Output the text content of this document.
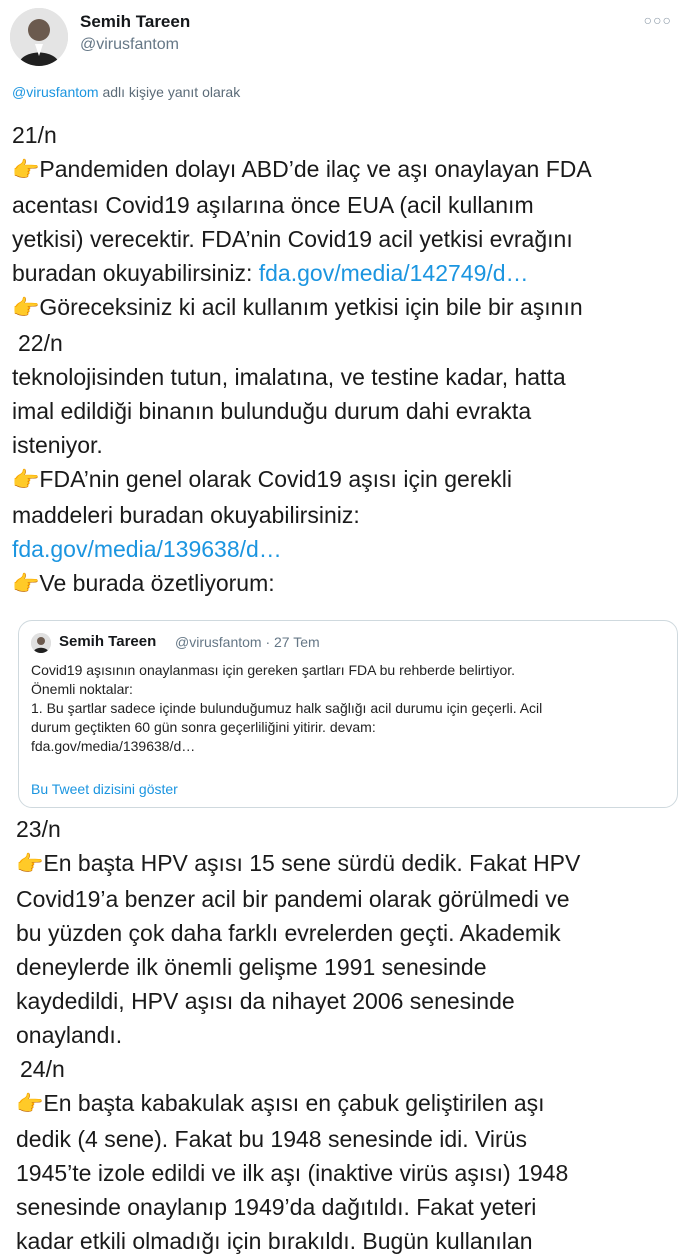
Semih Tareen
@virusfantom
○○○
@virusfantom adlı kişiye yanıt olarak

21/n

👉Pandemiden dolayı ABD’de ilaç ve aşı onaylayan FDA

acentası Covid19 aşılarına önce EUA (acil kullanım

yetkisi) verecektir. FDA’nin Covid19 acil yetkisi evrağını

buradan okuyabilirsiniz: fda.gov/media/142749/d…

👉Göreceksiniz ki acil kullanım yetkisi için bile bir aşının

22/n

teknolojisinden tutun, imalatına, ve testine kadar, hatta

imal edildiği binanın bulunduğu durum dahi evrakta

isteniyor.

👉FDA’nin genel olarak Covid19 aşısı için gerekli

maddeleri buradan okuyabilirsiniz:

fda.gov/media/139638/d…

👉Ve burada özetliyorum:

Semih Tareen @virusfantom · 27 Tem

Covid19 aşısının onaylanması için gereken şartları FDA bu rehberde belirtiyor.

Önemli noktalar:

1. Bu şartlar sadece içinde bulunduğumuz halk sağlığı acil durumu için geçerli. Acil

durum geçtikten 60 gün sonra geçerliliğini yitirir. devam:

fda.gov/media/139638/d…

Bu Tweet dizisini göster

23/n

👉En başta HPV aşısı 15 sene sürdü dedik. Fakat HPV

Covid19’a benzer acil bir pandemi olarak görülmedi ve

bu yüzden çok daha farklı evrelerden geçti. Akademik

deneylerde ilk önemli gelişme 1991 senesinde

kaydedildi, HPV aşısı da nihayet 2006 senesinde

onaylandı.

24/n

👉En başta kabakulak aşısı en çabuk geliştirilen aşı

dedik (4 sene). Fakat bu 1948 senesinde idi. Virüs

1945’te izole edildi ve ilk aşı (inaktive virüs aşısı) 1948

senesinde onaylanıp 1949’da dağıtıldı. Fakat yeteri

kadar etkili olmadığı için bırakıldı. Bugün kullanılan
